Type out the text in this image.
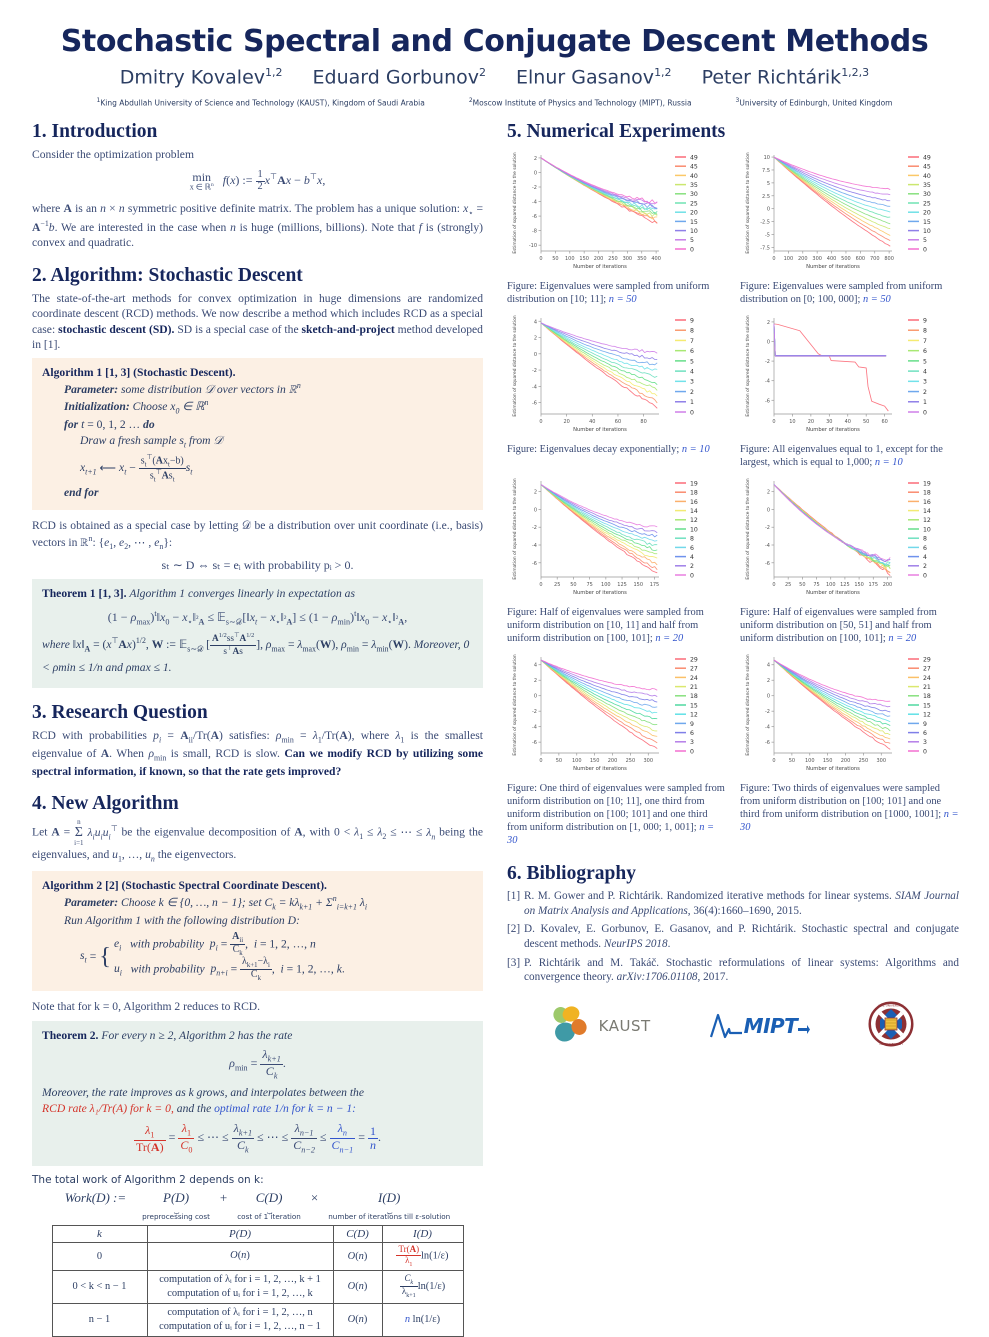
Stochastic Spectral and Conjugate Descent Methods
Dmitry Kovalev$^{1,2}$ Eduard Gorbunov$^2$ Elnur Gasanov$^{1,2}$ Peter Richtárik$^{1,2,3}$
$^1$King Abdullah University of Science and Technology (KAUST), Kingdom of Saudi Arabia	$^2$Moscow Institute of Physics and Technology (MIPT), Russia	$^3$University of Edinburgh, United Kingdom
1. Introduction

Consider the optimization problem

min
x ∈ ℝ$^n$ f(x) := $\frac{1}{2} x^⊤Ax - b^⊤x$,

where A is an n × n symmetric positive definite matrix. The problem has a unique solution: $x_⋆ = A^{-1}b$. We are interested in the case when n is huge (millions, billions). Note that f is (strongly) convex and quadratic.

2. Algorithm: Stochastic Descent

The state-of-the-art methods for convex optimization in huge dimensions are randomized coordinate descent (RCD) methods. We now describe a method which includes RCD as a special case: stochastic descent (SD). SD is a special case of the sketch-and-project method developed in [1].

Algorithm 1 [1, 3] (Stochastic Descent).
Parameter: some distribution 𝒟 over vectors in ℝ$^n$
Initialization: Choose $x_0$ ∈ ℝ$^n$
for t = 0, 1, 2 … do
Draw a fresh sample $s_t$ from 𝒟
$x_{t+1}$ ⟵ $x_t - \frac{s_t^⊤(Ax_t-b)}{s_t^⊤As_t} s_t$
end for

RCD is obtained as a special case by letting 𝒟 be a distribution over unit coordinate (i.e., basis) vectors in ℝ$^n$: {$e_1$, $e_2$, ⋯ , $e_n$}:

sₜ ∼ D ⇔ sₜ = eᵢ with probability pᵢ > 0.
Theorem 1 [1, 3]. Algorithm 1 converges linearly in expectation as
$(1 - \rho_{max})^t‖x_0$ − $x_⋆‖^2_A$ ≤ $𝔼_{s\sim 𝒟}[‖x_t$ − $x_⋆‖^2_A] \le (1$ − $\rho_{min})^t‖x_0$ − $x_⋆‖^2_A$,
where $‖x‖_A = (x^⊤Ax)^{1/2}$, W := 𝔼$_{s\sim 𝒟}$ [ $\frac{A^{1/2}ss^⊤A^{1/2}}{s^⊤As}$ ], $\rho_{max} = \lambda_{max}(W)$, $\rho_{min} = \lambda_{min}(W)$. Moreover, 0 < ρmin ≤ 1/n and ρmax ≤ 1.
3. Research Question

RCD with probabilities $p_i = A_{ii}/Tr(A)$ satisfies: $\rho_{min} = \lambda_1/Tr(A)$, where $\lambda_1$ is the smallest eigenvalue of A. When $\rho_{min}$ is small, RCD is slow. Can we modify RCD by utilizing some spectral information, if known, so that the rate gets improved?

4. New Algorithm

Let A =
n
Σ
i=1
$\lambda_iu_iu_i^⊤$ be the eigenvalue decomposition of A, with $0 < \lambda_1 \le \lambda_2$ ≤ ⋯ ≤ $\lambda_n$ being the eigenvalues, and $u_1$, …, $u_n$ the eigenvectors.

Algorithm 2 [2] (Stochastic Spectral Coordinate Descent).
Parameter: Choose k ∈ {0, …, n − 1}; set $C_k = k\lambda_{k+1} + \Sigma^n_{i=k+1}$ $\lambda_i$
Run Algorithm 1 with the following distribution D:
$s_t$ = { $e_i$ with probability $p_i = \frac{A_{ii}}{C_k}$ ,  i = 1, 2, …, n
$u_i$ with probability $p_{n+i} = \frac{\lambda_{k+1}-\lambda_i}{C_k}$ ,  i = 1, 2, …, k.

Note that for k = 0, Algorithm 2 reduces to RCD.

Theorem 2. For every n ≥ 2, Algorithm 2 has the rate
$\rho_{min} = \frac{\lambda_{k+1}}{C_k}$ .
Moreover, the rate improves as k grows, and interpolates between the
RCD rate λ₁/Tr(A) for k = 0, and the optimal rate 1/n for k = n − 1:
$\frac{\lambda_1}{Tr(A)} = \frac{\lambda_1}{C_0}$ ≤ ⋯ ≤ $\frac{\lambda_{k+1}}{C_k}$ ≤ ⋯ ≤ $\frac{\lambda_{n-1}}{C_{n-2}} \le \frac{\lambda_n}{C_{n-1}} = \frac{1}{n}$ .
The total work of Algorithm 2 depends on k:
Work(D) :=	P(D)
⏟
preprocessing cost
+	C(D)
⏟
cost of 1 iteration
×	I(D)
⏟
number of iterations till ε-solution
k	P(D)	C(D)	I(D)
0	O(n)	O(n)	$\frac{Tr(A)}{\lambda_1} \ln(1/\varepsilon)$
0 < k < n − 1	computation of λᵢ for i = 1, 2, …, k + 1
computation of uᵢ for i = 1, 2, …, k	O(n)	$\frac{C_k}{\lambda_{k+1}} \ln(1/\varepsilon)$
n − 1	computation of λᵢ for i = 1, 2, …, n
computation of uᵢ for i = 1, 2, …, n − 1	O(n)	n ln(1/ε)
5. Numerical Experiments
0 50 100 150 200 250 300 350 400
2
0
-2
-4
-6
-8
-10
Number of iterations
Estimation of squared distance to the solution	49
45
40
35
30
25
20
15
10
5
0
Figure: Eigenvalues were sampled from uniform distribution on [10; 11]; n = 50
0 100 200 300 400 500 600 700 800
10
7.5
5
2.5
0
-2.5
-5
-7.5
Number of iterations
Estimation of squared distance to the solution	49
45
40
35
30
25
20
15
10
5
0
Figure: Eigenvalues were sampled from uniform distribution on [0; 100, 000]; n = 50
0	20	40	60	80
4
2
0
-2
-4
-6
Number of iterations
Estimation of squared distance to the solution	9
8
7
6
5
4
3
2
1
0
Figure: Eigenvalues decay exponentially; n = 10
0	10 20 30 40 50 60
2
0
-2
-4
-6
Number of iterations
Estimation of squared distance to the solution	9
8
7
6
5
4
3
2
1
0
Figure: All eigenvalues equal to 1, except for the largest, which is equal to 1,000; n = 10
0 25 50 75 100 125 150 175
2
0
-2
-4
-6
Number of iterations
Estimation of squared distance to the solution	19
18
16
14
12
10
8
6
4
2
0
Figure: Half of eigenvalues were sampled from uniform distribution on [10, 11] and half from uniform distribution on [100, 101]; n = 20
0 25 50 75 100 125 150 175 200
2
0
-2
-4
-6
Number of iterations
Estimation of squared distance to the solution	19
18
16
14
12
10
8
6
4
2
0
Figure: Half of eigenvalues were sampled from uniform distribution on [50, 51] and half from uniform distribution on [100, 101]; n = 20
0	50 100 150 200 250 300
4
2
0
-2
-4
-6
Number of iterations
Estimation of squared distance to the solution	29
27
24
21
18
15
12
9
6
3
0
Figure: One third of eigenvalues were sampled from uniform distribution on [10; 11], one third from uniform distribution on [100; 101] and one third from uniform distribution on [1, 000; 1, 001]; n = 30
0	50 100 150 200 250 300
4
2
0
-2
-4
-6
Number of iterations
Estimation of squared distance to the solution	29
27
24
21
18
15
12
9
6
3
0
Figure: Two thirds of eigenvalues were sampled from uniform distribution on [100; 101] and one third from uniform distribution on [1000, 1001]; n = 30
6. Bibliography
[1] R. M. Gower and P. Richtárik. Randomized iterative methods for linear systems. SIAM Journal on Matrix Analysis and Applications, 36(4):1660–1690, 2015.
[2] D. Kovalev, E. Gorbunov, E. Gasanov, and P. Richtárik. Stochastic spectral and conjugate descent methods. NeurIPS 2018.
[3] P. Richtárik and M. Takáč. Stochastic reformulations of linear systems: Algorithms and convergence theory. arXiv:1706.01108, 2017.
KAUST	MIPT
THE UNIVERSITY
OF EDINBURGH
